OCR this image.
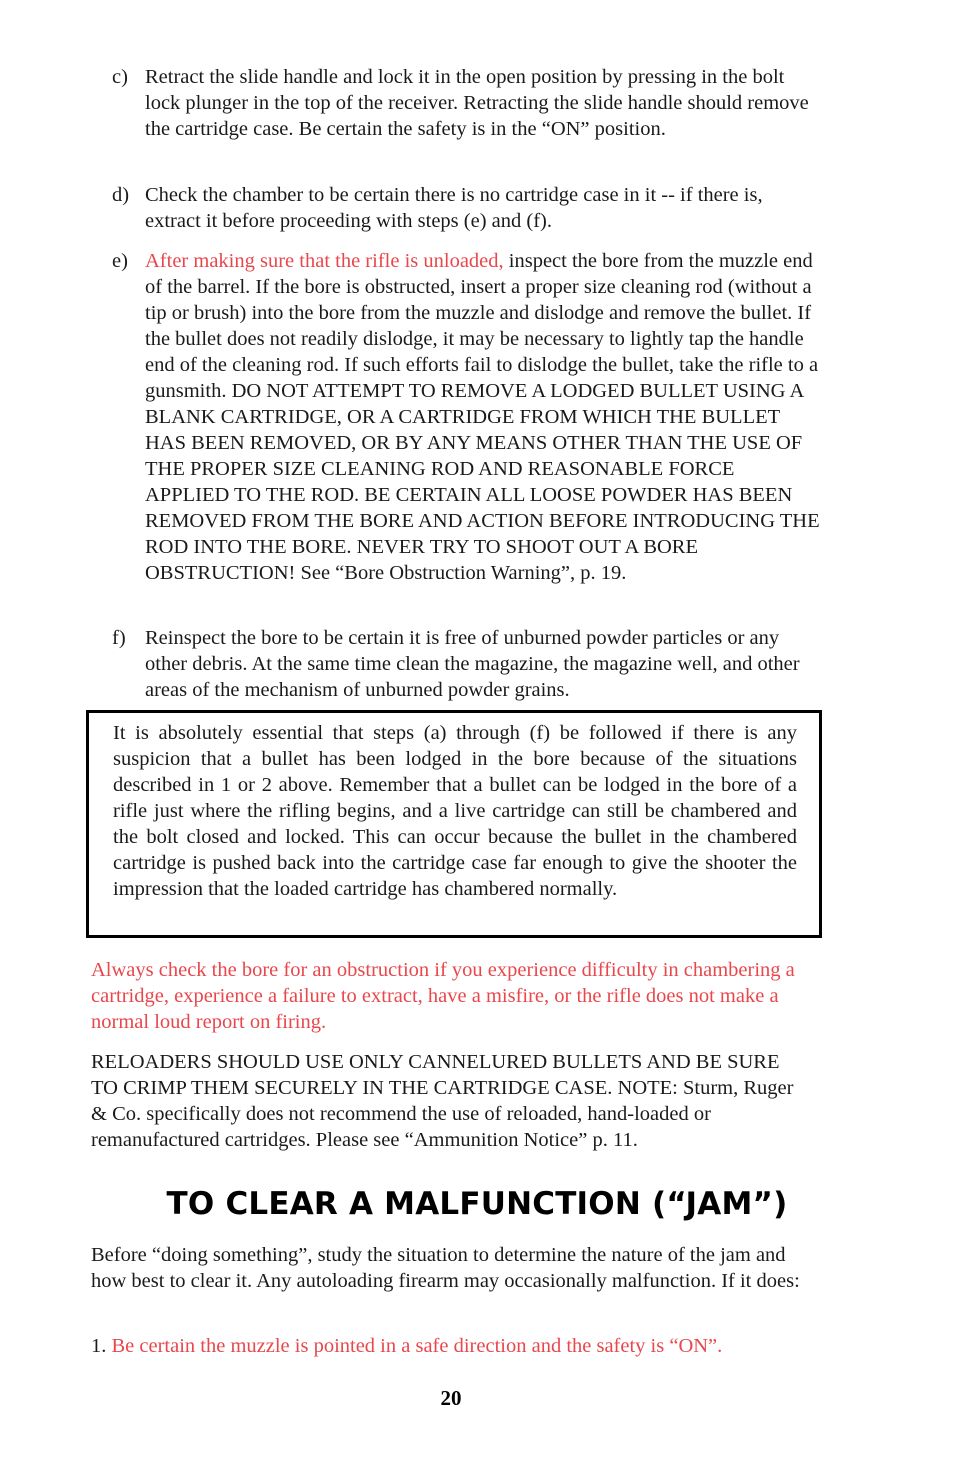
c) Retract the slide handle and lock it in the open position by pressing in the bolt lock plunger in the top of the receiver. Retracting the slide handle should remove the cartridge case. Be certain the safety is in the “ON” position.
d) Check the chamber to be certain there is no cartridge case in it -- if there is, extract it before proceeding with steps (e) and (f).
e) After making sure that the rifle is unloaded, inspect the bore from the muzzle end of the barrel. If the bore is obstructed, insert a proper size cleaning rod (without a tip or brush) into the bore from the muzzle and dislodge and remove the bullet. If the bullet does not readily dislodge, it may be necessary to lightly tap the handle end of the cleaning rod. If such efforts fail to dislodge the bullet, take the rifle to a gunsmith. DO NOT ATTEMPT TO REMOVE A LODGED BULLET USING A BLANK CARTRIDGE, OR A CARTRIDGE FROM WHICH THE BULLET HAS BEEN REMOVED, OR BY ANY MEANS OTHER THAN THE USE OF THE PROPER SIZE CLEANING ROD AND REASONABLE FORCE APPLIED TO THE ROD. BE CERTAIN ALL LOOSE POWDER HAS BEEN REMOVED FROM THE BORE AND ACTION BEFORE INTRODUCING THE ROD INTO THE BORE. NEVER TRY TO SHOOT OUT A BORE OBSTRUCTION! See “Bore Obstruction Warning”, p. 19.
f) Reinspect the bore to be certain it is free of unburned powder particles or any other debris. At the same time clean the magazine, the magazine well, and other areas of the mechanism of unburned powder grains.
It is absolutely essential that steps (a) through (f) be followed if there is any suspicion that a bullet has been lodged in the bore because of the situations described in 1 or 2 above. Remember that a bullet can be lodged in the bore of a rifle just where the rifling begins, and a live cartridge can still be chambered and the bolt closed and locked. This can occur because the bullet in the chambered cartridge is pushed back into the cartridge case far enough to give the shooter the impression that the loaded cartridge has chambered normally.
Always check the bore for an obstruction if you experience difficulty in chambering a cartridge, experience a failure to extract, have a misfire, or the rifle does not make a normal loud report on firing.
RELOADERS SHOULD USE ONLY CANNELURED BULLETS AND BE SURE TO CRIMP THEM SECURELY IN THE CARTRIDGE CASE. NOTE: Sturm, Ruger & Co. specifically does not recommend the use of reloaded, hand-loaded or remanufactured cartridges. Please see “Ammunition Notice” p. 11.
TO CLEAR A MALFUNCTION (“JAM”)
Before “doing something”, study the situation to determine the nature of the jam and how best to clear it. Any autoloading firearm may occasionally malfunction. If it does:
1. Be certain the muzzle is pointed in a safe direction and the safety is “ON”.
20
